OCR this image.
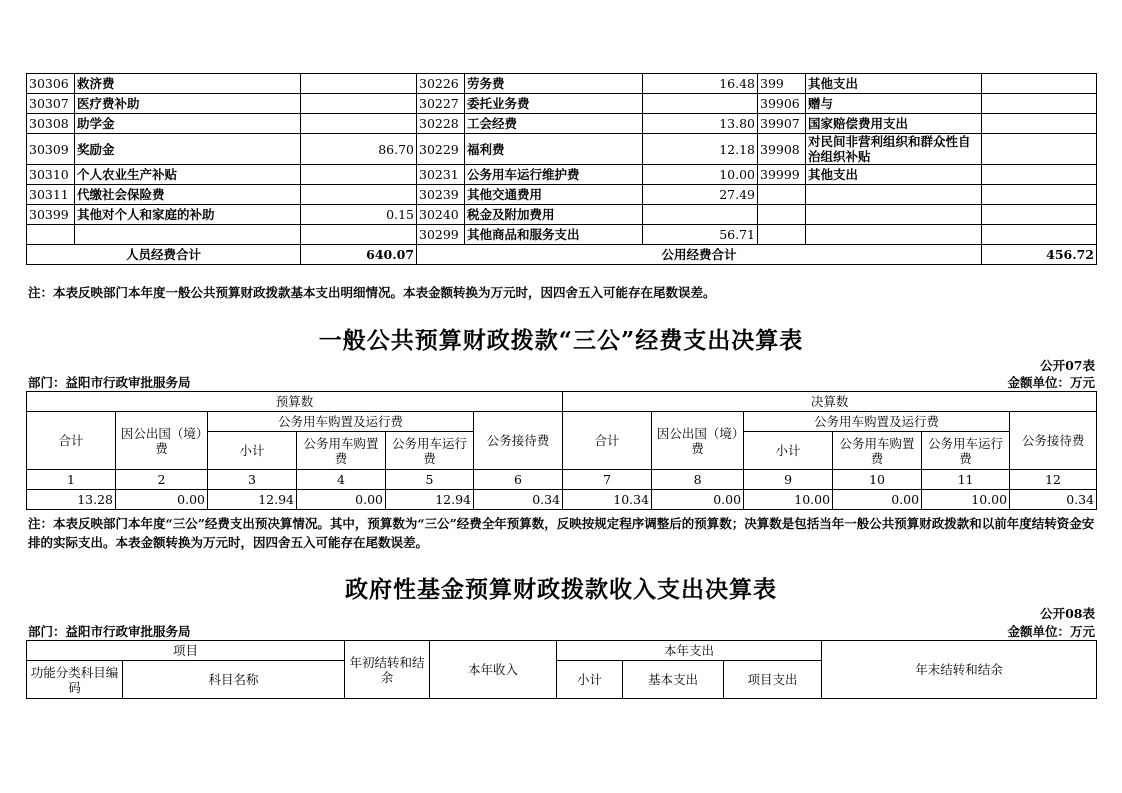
30306	救济费		30226	劳务费	16.48	399	其他支出	
30307	医疗费补助		30227	委托业务费		39906	赠与	
30308	助学金		30228	工会经费	13.80	39907	国家赔偿费用支出	
30309	奖励金	86.70	30229	福利费	12.18	39908	对民间非营利组织和群众性自治组织补贴	
30310	个人农业生产补贴		30231	公务用车运行维护费	10.00	39999	其他支出	
30311	代缴社会保险费		30239	其他交通费用	27.49			
30399	其他对个人和家庭的补助	0.15	30240	税金及附加费用				
			30299	其他商品和服务支出	56.71			
人员经费合计		640.07	公用经费合计					456.72
注：本表反映部门本年度一般公共预算财政拨款基本支出明细情况。本表金额转换为万元时，因四舍五入可能存在尾数误差。
一般公共预算财政拨款“三公”经费支出决算表
公开07表
部门：益阳市行政审批服务局	金额单位：万元
预算数						决算数					
合计	因公出国（境）费	公务用车购置及运行费			公务接待费	合计	因公出国（境）费	公务用车购置及运行费			公务接待费
		小计	公务用车购置费	公务用车运行费				小计	公务用车购置费	公务用车运行费	
1	2	3	4	5	6	7	8	9	10	11	12
13.28	0.00	12.94	0.00	12.94	0.34	10.34	0.00	10.00	0.00	10.00	0.34
注：本表反映部门本年度“三公”经费支出预决算情况。其中，预算数为“三公”经费全年预算数，反映按规定程序调整后的预算数；决算数是包括当年一般公共预算财政拨款和以前年度结转资金安排的实际支出。本表金额转换为万元时，因四舍五入可能存在尾数误差。
政府性基金预算财政拨款收入支出决算表
公开08表
部门：益阳市行政审批服务局	金额单位：万元
项目		年初结转和结余	本年收入	本年支出			年末结转和结余
功能分类科目编码	科目名称			小计	基本支出	项目支出	
